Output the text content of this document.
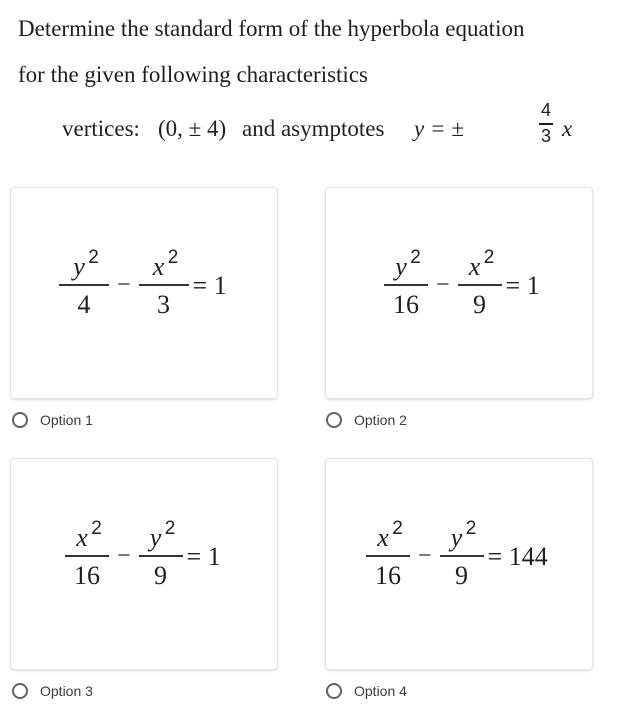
Determine the standard form of the hyperbola equation
for the given following characteristics
vertices: (0, ± 4) and asymptotes y = ±
4
3 x
$\frac{y 2}{4} - \frac{x 2}{3} = 1$
Option 1
$\frac{y 2}{16} - \frac{x 2}{9} = 1$
Option 2
$\frac{x 2}{16} - \frac{y 2}{9} = 1$
Option 3
$\frac{x 2}{16} - \frac{y 2}{9} = 144$
Option 4
